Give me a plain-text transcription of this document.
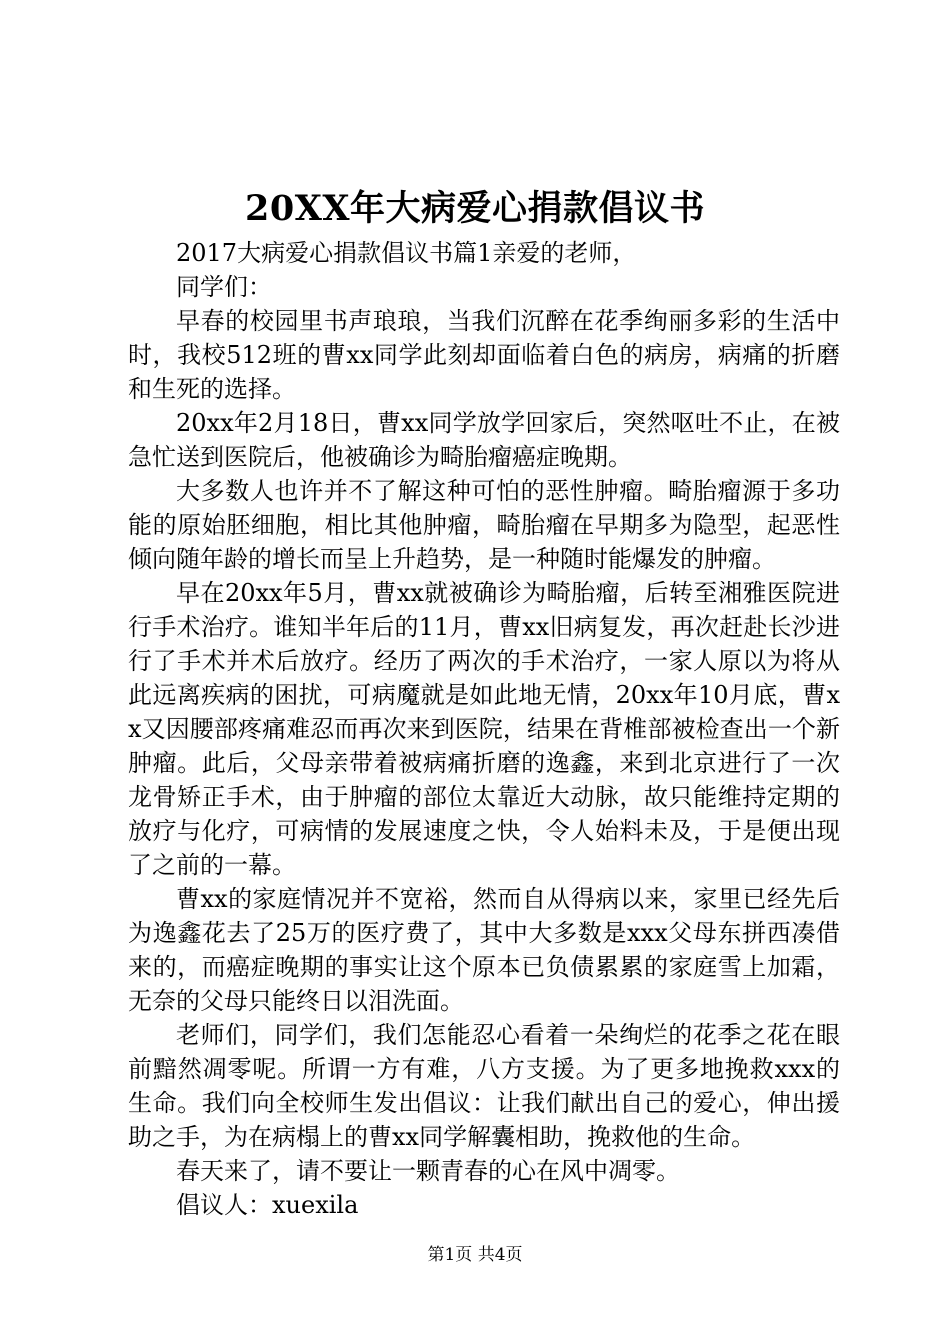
20XX年大病爱心捐款倡议书

2017大病爱心捐款倡议书篇1亲爱的老师，

同学们：

早春的校园里书声琅琅，当我们沉醉在花季绚丽多彩的生活中时，我校512班的曹xx同学此刻却面临着白色的病房，病痛的折磨和生死的选择。

20xx年2月18日，曹xx同学放学回家后，突然呕吐不止，在被急忙送到医院后，他被确诊为畸胎瘤癌症晚期。

大多数人也许并不了解这种可怕的恶性肿瘤。畸胎瘤源于多功能的原始胚细胞，相比其他肿瘤，畸胎瘤在早期多为隐型，起恶性倾向随年龄的增长而呈上升趋势，是一种随时能爆发的肿瘤。

早在20xx年5月，曹xx就被确诊为畸胎瘤，后转至湘雅医院进行手术治疗。谁知半年后的11月，曹xx旧病复发，再次赶赴长沙进行了手术并术后放疗。经历了两次的手术治疗，一家人原以为将从此远离疾病的困扰，可病魔就是如此地无情，20xx年10月底，曹xx又因腰部疼痛难忍而再次来到医院，结果在背椎部被检查出一个新肿瘤。此后，父母亲带着被病痛折磨的逸鑫，来到北京进行了一次龙骨矫正手术，由于肿瘤的部位太靠近大动脉，故只能维持定期的放疗与化疗，可病情的发展速度之快，令人始料未及，于是便出现了之前的一幕。

曹xx的家庭情况并不宽裕，然而自从得病以来，家里已经先后为逸鑫花去了25万的医疗费了，其中大多数是xxx父母东拼西凑借来的，而癌症晚期的事实让这个原本已负债累累的家庭雪上加霜，无奈的父母只能终日以泪洗面。

老师们，同学们，我们怎能忍心看着一朵绚烂的花季之花在眼前黯然凋零呢。所谓一方有难，八方支援。为了更多地挽救xxx的生命。我们向全校师生发出倡议：让我们献出自己的爱心，伸出援助之手，为在病榻上的曹xx同学解囊相助，挽救他的生命。

春天来了，请不要让一颗青春的心在风中凋零。

倡议人：xuexila

第1页 共4页
